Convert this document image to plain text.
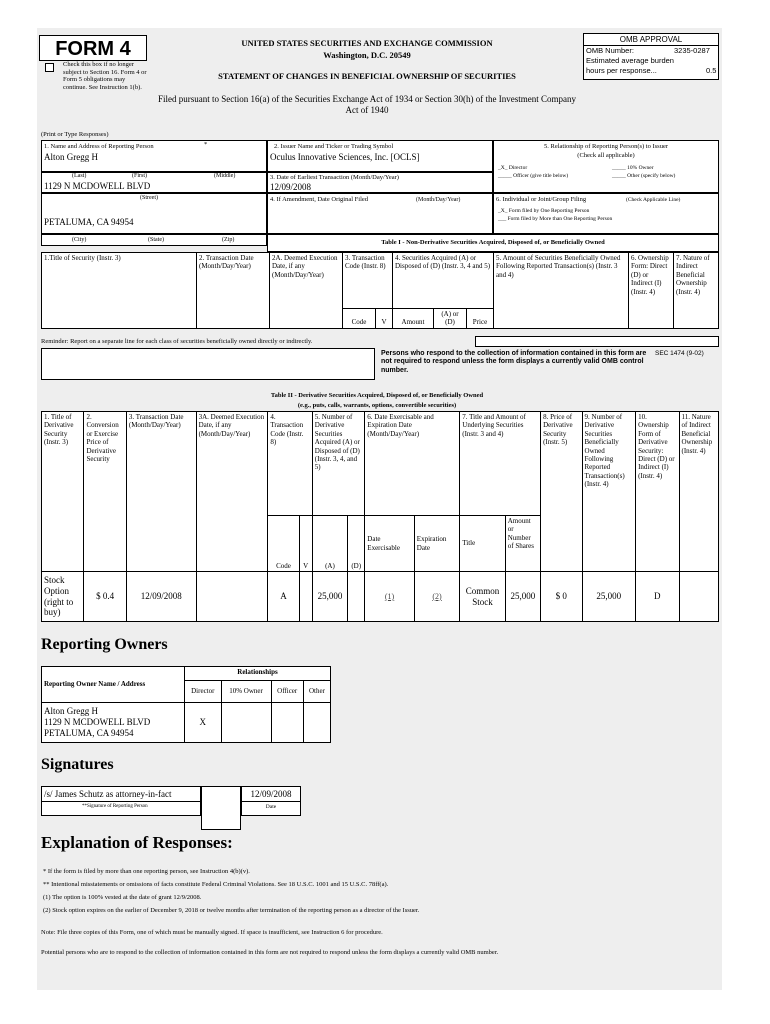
FORM 4
Check this box if no longer subject to Section 16. Form 4 or Form 5 obligations may continue. See Instruction 1(b).
UNITED STATES SECURITIES AND EXCHANGE COMMISSION
Washington, D.C. 20549
STATEMENT OF CHANGES IN BENEFICIAL OWNERSHIP OF SECURITIES
Filed pursuant to Section 16(a) of the Securities Exchange Act of 1934 or Section 30(h) of the Investment Company Act of 1940
OMB APPROVAL
OMB Number:	3235-0287
Estimated average burden
hours per response...	0.5
(Print or Type Responses)
1. Name and Address of Reporting Person	*
Alton Gregg H
(Last)	(First)	(Middle)
1129 N MCDOWELL BLVD
(Street)
PETALUMA, CA 94954
(City)	(State)	(Zip)
2. Issuer Name and Ticker or Trading Symbol
Oculus Innovative Sciences, Inc. [OCLS]
3. Date of Earliest Transaction (Month/Day/Year)
12/09/2008
4. If Amendment, Date Original Filed	(Month/Day/Year)
5. Relationship of Reporting Person(s) to Issuer
(Check all applicable)
_X_ Director	_____ 10% Owner
_____ Officer (give title below)	_____ Other (specify below)
6. Individual or Joint/Group Filing	(Check Applicable Line)
_X_ Form filed by One Reporting Person
___ Form filed by More than One Reporting Person
Table I - Non-Derivative Securities Acquired, Disposed of, or Beneficially Owned
1.Title of Security (Instr. 3)	2. Transaction Date (Month/Day/Year)	2A. Deemed Execution Date, if any (Month/Day/Year)	3. Transaction Code (Instr. 8)		4. Securities Acquired (A) or Disposed of (D) (Instr. 3, 4 and 5)			5. Amount of Securities Beneficially Owned Following Reported Transaction(s) (Instr. 3 and 4)	6. Ownership Form: Direct (D) or Indirect (I) (Instr. 4)	7. Nature of Indirect Beneficial Ownership (Instr. 4)
			Code	V	Amount	(A) or (D)	Price			
Reminder: Report on a separate line for each class of securities beneficially owned directly or indirectly.
Persons who respond to the collection of information contained in this form are not required to respond unless the form displays a currently valid OMB control number.
SEC 1474 (9-02)
Table II - Derivative Securities Acquired, Disposed of, or Beneficially Owned
(e.g., puts, calls, warrants, options, convertible securities)
1. Title of Derivative Security (Instr. 3)	2. Conversion or Exercise Price of Derivative Security	3. Transaction Date (Month/Day/Year)	3A. Deemed Execution Date, if any (Month/Day/Year)	4. Transaction Code (Instr. 8)		5. Number of Derivative Securities Acquired (A) or Disposed of (D) (Instr. 3, 4, and 5)		6. Date Exercisable and Expiration Date (Month/Day/Year)		7. Title and Amount of Underlying Securities (Instr. 3 and 4)		8. Price of Derivative Security (Instr. 5)	9. Number of Derivative Securities Beneficially Owned Following Reported Transaction(s) (Instr. 4)	10. Ownership Form of Derivative Security: Direct (D) or Indirect (I) (Instr. 4)	11. Nature of Indirect Beneficial Ownership (Instr. 4)
				Code	V	(A)	(D)	Date Exercisable	Expiration Date	Title	Amount or Number of Shares				
Stock Option (right to buy)	$ 0.4	12/09/2008		A		25,000		(1)	(2)	Common Stock	25,000	$ 0	25,000	D	
Reporting Owners
Reporting Owner Name / Address	Relationships			
	Director	10% Owner	Officer	Other

Alton Gregg H
1129 N MCDOWELL BLVD
PETALUMA, CA 94954	X			
Signatures
/s/ James Schutz as attorney-in-fact
**Signature of Reporting Person
12/09/2008
Date
Explanation of Responses:
* If the form is filed by more than one reporting person, see Instruction 4(b)(v).
** Intentional misstatements or omissions of facts constitute Federal Criminal Violations. See 18 U.S.C. 1001 and 15 U.S.C. 78ff(a).
(1) The option is 100% vested at the date of grant 12/9/2008.
(2) Stock option expires on the earlier of December 9, 2018 or twelve months after termination of the reporting person as a director of the Issuer.
Note: File three copies of this Form, one of which must be manually signed. If space is insufficient, see Instruction 6 for procedure.
Potential persons who are to respond to the collection of information contained in this form are not required to respond unless the form displays a currently valid OMB number.
